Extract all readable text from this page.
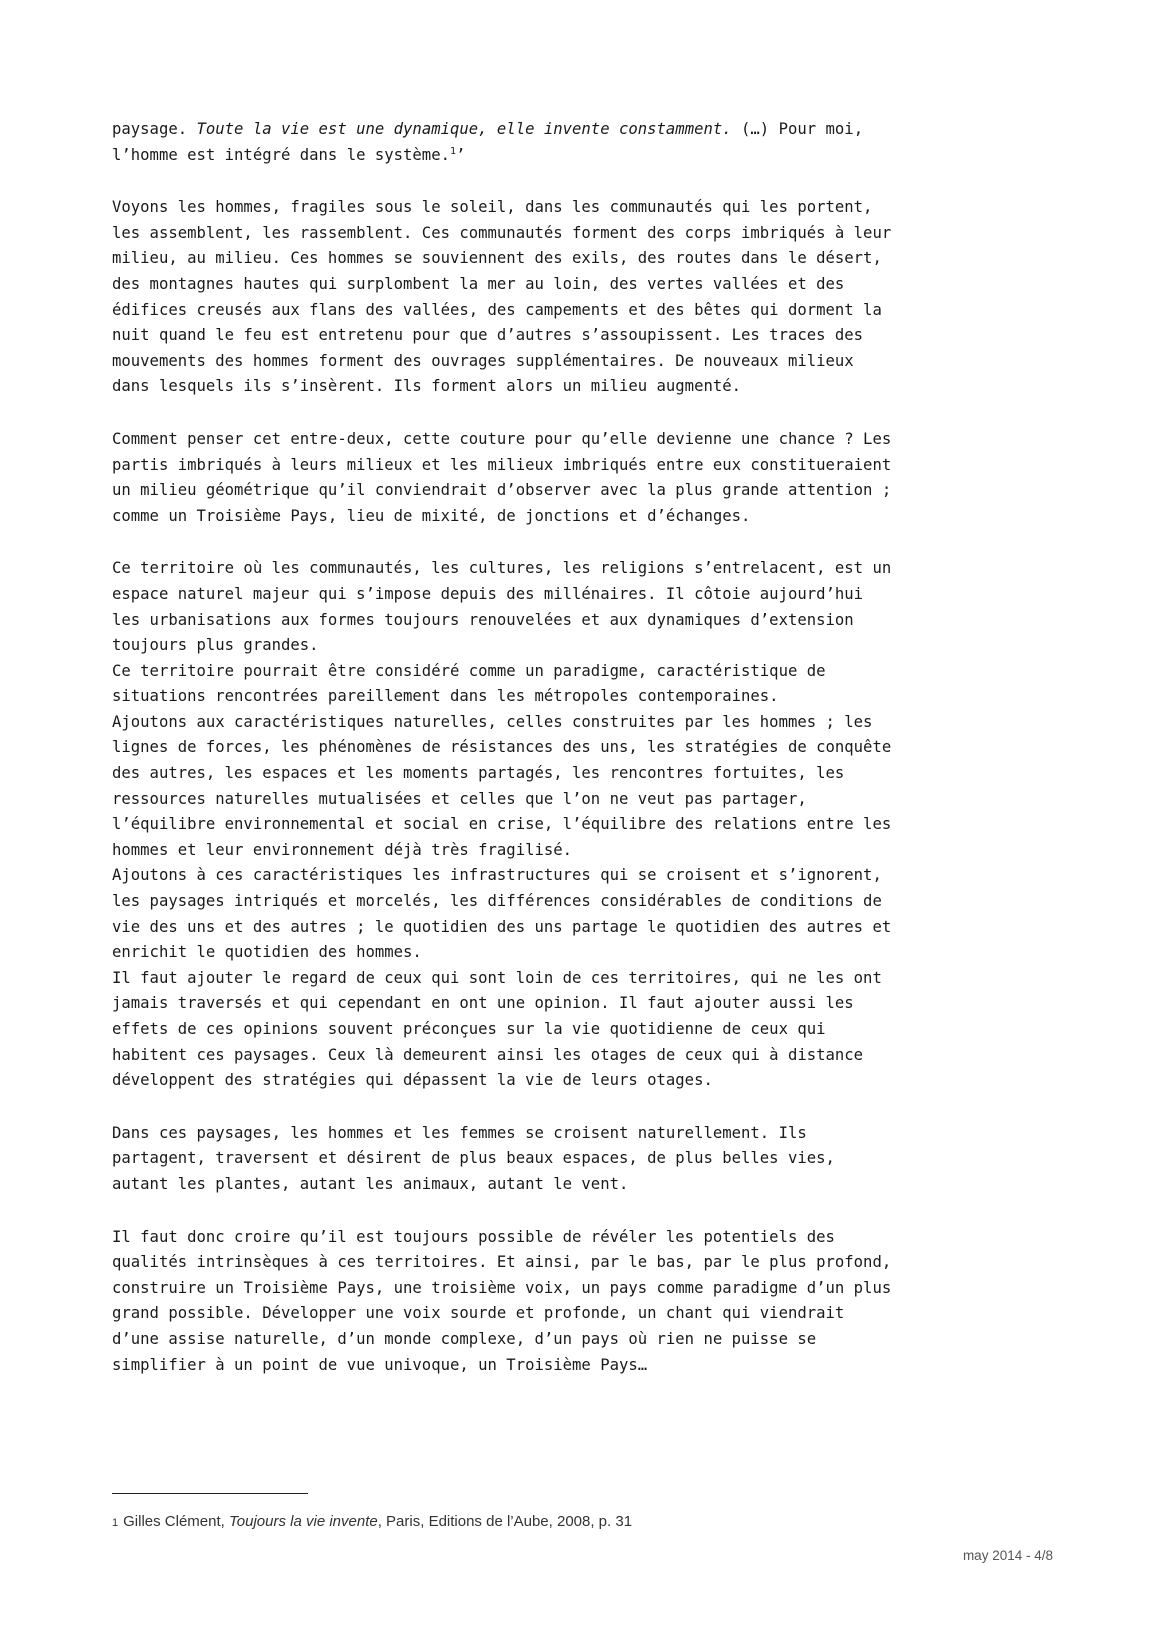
paysage. Toute la vie est une dynamique, elle invente constamment. (…) Pour moi,

l’homme est intégré dans le système.$^1$’

Voyons les hommes, fragiles sous le soleil, dans les communautés qui les portent,

les assemblent, les rassemblent. Ces communautés forment des corps imbriqués à leur

milieu, au milieu. Ces hommes se souviennent des exils, des routes dans le désert,

des montagnes hautes qui surplombent la mer au loin, des vertes vallées et des

édifices creusés aux flans des vallées, des campements et des bêtes qui dorment la

nuit quand le feu est entretenu pour que d’autres s’assoupissent. Les traces des

mouvements des hommes forment des ouvrages supplémentaires. De nouveaux milieux

dans lesquels ils s’insèrent. Ils forment alors un milieu augmenté.

Comment penser cet entre-deux, cette couture pour qu’elle devienne une chance ? Les

partis imbriqués à leurs milieux et les milieux imbriqués entre eux constitueraient

un milieu géométrique qu’il conviendrait d’observer avec la plus grande attention ;

comme un Troisième Pays, lieu de mixité, de jonctions et d’échanges.

Ce territoire où les communautés, les cultures, les religions s’entrelacent, est un

espace naturel majeur qui s’impose depuis des millénaires. Il côtoie aujourd’hui

les urbanisations aux formes toujours renouvelées et aux dynamiques d’extension

toujours plus grandes.

Ce territoire pourrait être considéré comme un paradigme, caractéristique de

situations rencontrées pareillement dans les métropoles contemporaines.

Ajoutons aux caractéristiques naturelles, celles construites par les hommes ; les

lignes de forces, les phénomènes de résistances des uns, les stratégies de conquête

des autres, les espaces et les moments partagés, les rencontres fortuites, les

ressources naturelles mutualisées et celles que l’on ne veut pas partager,

l’équilibre environnemental et social en crise, l’équilibre des relations entre les

hommes et leur environnement déjà très fragilisé.

Ajoutons à ces caractéristiques les infrastructures qui se croisent et s’ignorent,

les paysages intriqués et morcelés, les différences considérables de conditions de

vie des uns et des autres ; le quotidien des uns partage le quotidien des autres et

enrichit le quotidien des hommes.

Il faut ajouter le regard de ceux qui sont loin de ces territoires, qui ne les ont

jamais traversés et qui cependant en ont une opinion. Il faut ajouter aussi les

effets de ces opinions souvent préconçues sur la vie quotidienne de ceux qui

habitent ces paysages. Ceux là demeurent ainsi les otages de ceux qui à distance

développent des stratégies qui dépassent la vie de leurs otages.

Dans ces paysages, les hommes et les femmes se croisent naturellement. Ils

partagent, traversent et désirent de plus beaux espaces, de plus belles vies,

autant les plantes, autant les animaux, autant le vent.

Il faut donc croire qu’il est toujours possible de révéler les potentiels des

qualités intrinsèques à ces territoires. Et ainsi, par le bas, par le plus profond,

construire un Troisième Pays, une troisième voix, un pays comme paradigme d’un plus

grand possible. Développer une voix sourde et profonde, un chant qui viendrait

d’une assise naturelle, d’un monde complexe, d’un pays où rien ne puisse se

simplifier à un point de vue univoque, un Troisième Pays…

1 Gilles Clément, Toujours la vie invente, Paris, Editions de l’Aube, 2008, p. 31
may 2014 - 4/8
